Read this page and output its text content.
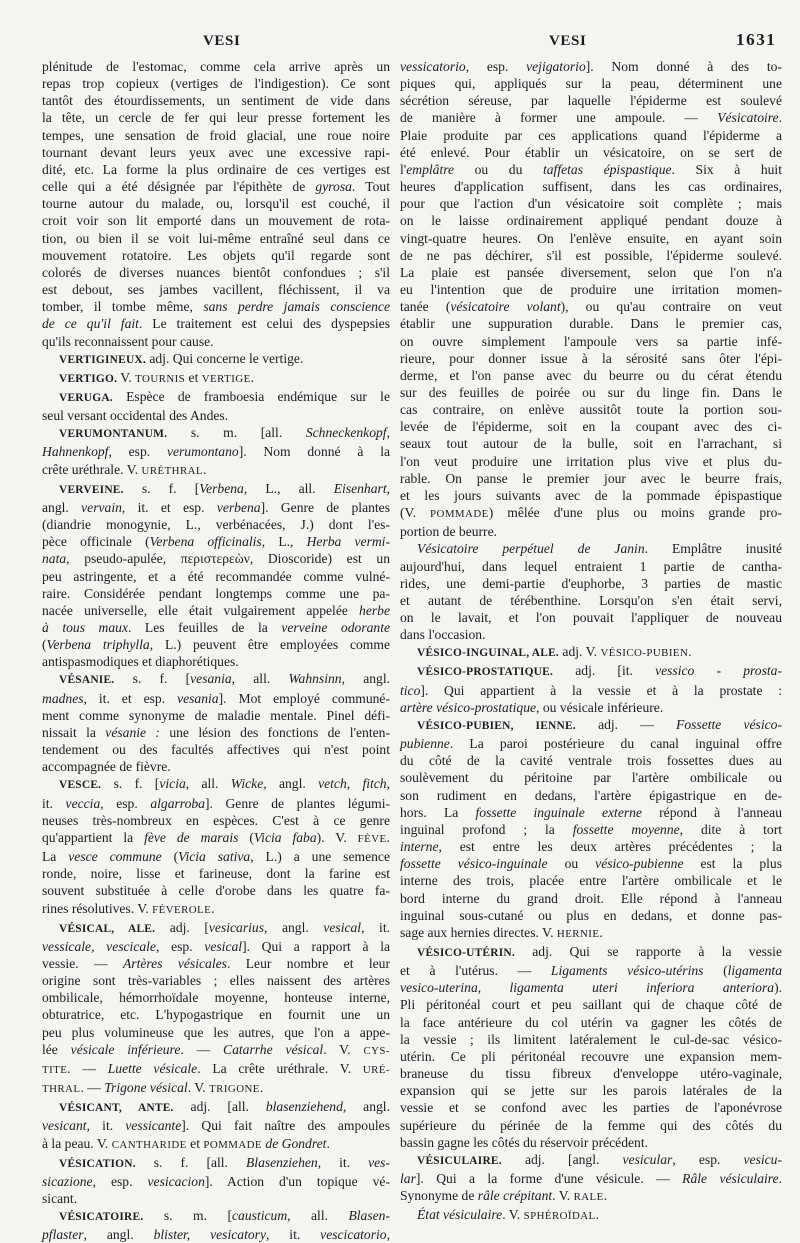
VESI	VESI	1631
plénitude de l'estomac, comme cela arrive après un
repas trop copieux (vertiges de l'indigestion). Ce sont
tantôt des étourdissements, un sentiment de vide dans
la tête, un cercle de fer qui leur presse fortement les
tempes, une sensation de froid glacial, une roue noire
tournant devant leurs yeux avec une excessive rapi-
dité, etc. La forme la plus ordinaire de ces vertiges est
celle qui a été désignée par l'épithète de gyrosa. Tout
tourne autour du malade, ou, lorsqu'il est couché, il
croit voir son lit emporté dans un mouvement de rota-
tion, ou bien il se voit lui-même entraîné seul dans ce
mouvement rotatoire. Les objets qu'il regarde sont
colorés de diverses nuances bientôt confondues ; s'il
est debout, ses jambes vacillent, fléchissent, il va
tomber, il tombe même, sans perdre jamais conscience
de ce qu'il fait. Le traitement est celui des dyspepsies
qu'ils reconnaissent pour cause.
VERTIGINEUX. adj. Qui concerne le vertige.
VERTIGO. V. TOURNIS et VERTIGE.
VERUGA. Espèce de framboesia endémique sur le
seul versant occidental des Andes.
VERUMONTANUM. s. m. [all. Schneckenkopf,
Hahnenkopf, esp. verumontano]. Nom donné à la
crête uréthrale. V. URÉTHRAL.
VERVEINE. s. f. [Verbena, L., all. Eisenhart,
angl. vervain, it. et esp. verbena]. Genre de plantes
(diandrie monogynie, L., verbénacées, J.) dont l'es-
pèce officinale (Verbena officinalis, L., Herba vermi-
nata, pseudo-apulée, περιστερεὼν, Dioscoride) est un
peu astringente, et a été recommandée comme vulné-
raire. Considérée pendant longtemps comme une pa-
nacée universelle, elle était vulgairement appelée herbe
à tous maux. Les feuilles de la verveine odorante
(Verbena triphylla, L.) peuvent être employées comme
antispasmodiques et diaphorétiques.
VÉSANIE. s. f. [vesania, all. Wahnsinn, angl.
madnes, it. et esp. vesania]. Mot employé communé-
ment comme synonyme de maladie mentale. Pinel défi-
nissait la vésanie : une lésion des fonctions de l'enten-
tendement ou des facultés affectives qui n'est point
accompagnée de fièvre.
VESCE. s. f. [vicia, all. Wicke, angl. vetch, fitch,
it. veccia, esp. algarroba]. Genre de plantes légumi-
neuses très-nombreux en espèces. C'est à ce genre
qu'appartient la fève de marais (Vicia faba). V. FÈVE.
La vesce commune (Vicia sativa, L.) a une semence
ronde, noire, lisse et farineuse, dont la farine est
souvent substituée à celle d'orobe dans les quatre fa-
rines résolutives. V. FÉVEROLE.
VÉSICAL, ALE. adj. [vesicarius, angl. vesical, it.
vessicale, vescicale, esp. vesical]. Qui a rapport à la
vessie. — Artères vésicales. Leur nombre et leur
origine sont très-variables ; elles naissent des artères
ombilicale, hémorrhoïdale moyenne, honteuse interne,
obturatrice, etc. L'hypogastrique en fournit une un
peu plus volumineuse que les autres, que l'on a appe-
lée vésicale inférieure. — Catarrhe vésical. V. CYS-
TITE. — Luette vésicale. La crête uréthrale. V. URÉ-
THRAL. — Trigone vésical. V. TRIGONE.
VÉSICANT, ANTE. adj. [all. blasenziehend, angl.
vesicant, it. vessicante]. Qui fait naître des ampoules
à la peau. V. CANTHARIDE et POMMADE de Gondret.
VÉSICATION. s. f. [all. Blasenziehen, it. ves-
sicazione, esp. vesicacion]. Action d'un topique vé-
sicant.
VÉSICATOIRE. s. m. [causticum, all. Blasen-
pflaster, angl. blister, vesicatory, it. vescicatorio,
vessicatorio, esp. vejigatorio]. Nom donné à des to-
piques qui, appliqués sur la peau, déterminent une
sécrétion séreuse, par laquelle l'épiderme est soulevé
de manière à former une ampoule. — Vésicatoire.
Plaie produite par ces applications quand l'épiderme a
été enlevé. Pour établir un vésicatoire, on se sert de
l'emplâtre ou du taffetas épispastique. Six à huit
heures d'application suffisent, dans les cas ordinaires,
pour que l'action d'un vésicatoire soit complète ; mais
on le laisse ordinairement appliqué pendant douze à
vingt-quatre heures. On l'enlève ensuite, en ayant soin
de ne pas déchirer, s'il est possible, l'épiderme soulevé.
La plaie est pansée diversement, selon que l'on n'a
eu l'intention que de produire une irritation momen-
tanée (vésicatoire volant), ou qu'au contraire on veut
établir une suppuration durable. Dans le premier cas,
on ouvre simplement l'ampoule vers sa partie infé-
rieure, pour donner issue à la sérosité sans ôter l'épi-
derme, et l'on panse avec du beurre ou du cérat étendu
sur des feuilles de poirée ou sur du linge fin. Dans le
cas contraire, on enlève aussitôt toute la portion sou-
levée de l'épiderme, soit en la coupant avec des ci-
seaux tout autour de la bulle, soit en l'arrachant, si
l'on veut produire une irritation plus vive et plus du-
rable. On panse le premier jour avec le beurre frais,
et les jours suivants avec de la pommade épispastique
(V. POMMADE) mêlée d'une plus ou moins grande pro-
portion de beurre.
Vésicatoire perpétuel de Janin. Emplâtre inusité
aujourd'hui, dans lequel entraient 1 partie de cantha-
rides, une demi-partie d'euphorbe, 3 parties de mastic
et autant de térébenthine. Lorsqu'on s'en était servi,
on le lavait, et l'on pouvait l'appliquer de nouveau
dans l'occasion.
VÉSICO-INGUINAL, ALE. adj. V. VÉSICO-PUBIEN.
VÉSICO-PROSTATIQUE. adj. [it. vessico - prosta-
tico]. Qui appartient à la vessie et à la prostate :
artère vésico-prostatique, ou vésicale inférieure.
VÉSICO-PUBIEN, IENNE. adj. — Fossette vésico-
pubienne. La paroi postérieure du canal inguinal offre
du côté de la cavité ventrale trois fossettes dues au
soulèvement du péritoine par l'artère ombilicale ou
son rudiment en dedans, l'artère épigastrique en de-
hors. La fossette inguinale externe répond à l'anneau
inguinal profond ; la fossette moyenne, dite à tort
interne, est entre les deux artères précédentes ; la
fossette vésico-inguinale ou vésico-pubienne est la plus
interne des trois, placée entre l'artère ombilicale et le
bord interne du grand droit. Elle répond à l'anneau
inguinal sous-cutané ou plus en dedans, et donne pas-
sage aux hernies directes. V. HERNIE.
VÉSICO-UTÉRIN. adj. Qui se rapporte à la vessie
et à l'utérus. — Ligaments vésico-utérins (ligamenta
vesico-uterina, ligamenta uteri inferiora anteriora).
Pli péritonéal court et peu saillant qui de chaque côté de
la face antérieure du col utérin va gagner les côtés de
la vessie ; ils limitent latéralement le cul-de-sac vésico-
utérin. Ce pli péritonéal recouvre une expansion mem-
braneuse du tissu fibreux d'enveloppe utéro-vaginale,
expansion qui se jette sur les parois latérales de la
vessie et se confond avec les parties de l'aponévrose
supérieure du périnée de la femme qui des côtés du
bassin gagne les côtés du réservoir précédent.
VÉSICULAIRE. adj. [angl. vesicular, esp. vesicu-
lar]. Qui a la forme d'une vésicule. — Râle vésiculaire.
Synonyme de râle crépitant. V. RALE.
État vésiculaire. V. SPHÉROÏDAL.
